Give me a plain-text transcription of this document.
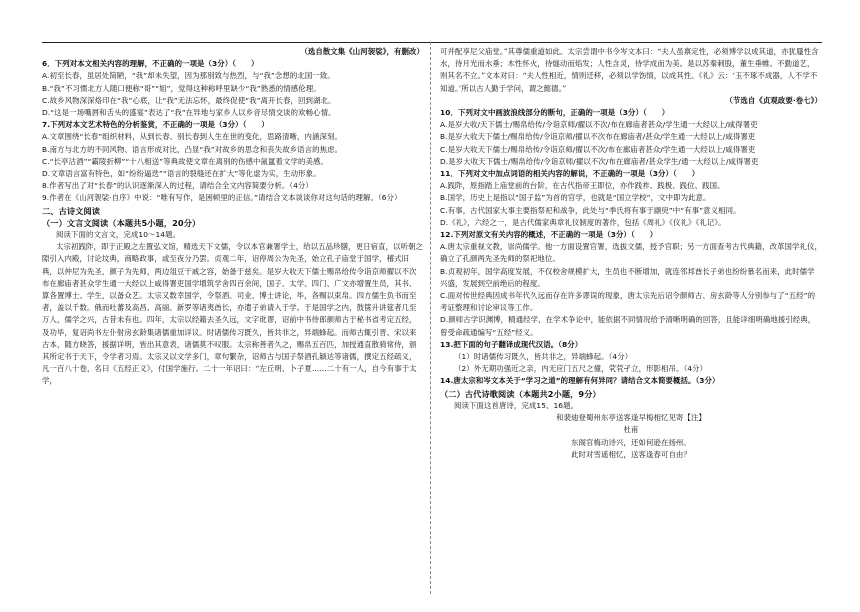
（选自散文集《山河袈裟》，有删改）

6．下列对本文相关内容的理解，不正确的一项是（3分）（　　）

A.初至长春，虽居处简陋，“我”却未失望，因为那别致与热烈，与“我”念想的北国一致。

B.“我”不习惯北方人随口便称“哥”“姐”，觉得这种称呼里缺少“我”熟悉的情感伦理。

C.故乡风物深深烙印在“我”心底，让“我”无法忘怀，最终促使“我”离开长春，回到湖北。

D.“这是一场嘴唇和舌头的盛宴”表达了“我”在异地与家乡人以乡音尽情交谈的欢畅心情。

7.下列对本文艺术特色的分析鉴赏，不正确的一项是（3分）（　　）

A.文章围绕“长春”组织材料，从到长春、别长春到人生在世的变化，思路清晰，内涵深刻。

B.南方与北方的不同风物、语言形成对比，凸显“我”对故乡的思念和丧失故乡语言的焦虑。

C.“长亭沽酒”“霸陵折柳”“十八相送”等典故使文章在离别的伤感中氤氲着文学的美感。

D.文章语言富有特色，如“纷纷逼迭”“语言的裂缝还在扩大”等化虚为实，生动形象。

8.作者写出了对“长春”的认识逐渐深入的过程，请结合全文内容简要分析。（4分）

9.作者在《山河袈裟·自序》中说：“唯有写作，是困顿里的正信。”请结合文本谈谈你对这句话的理解。（6分）

二、古诗文阅读

（一）文言文阅读（本题共5小题，20分）

阅读下面的文言文，完成10～14题。

太宗初践阼，即于正殿之左置弘文馆，精选天下文儒，令以本官兼署学士，给以五品珍膳，更日宿直，以听朝之隙引入内殿，讨论坟典，商略政事，或至夜分乃罢。贞观二年，诏停周公为先圣，始立孔子庙堂于国学，稽式旧典，以仲尼为先圣，颜子为先师，两边俎豆干戚之容，始备于兹矣。是岁大收天下儒士赐帛给传令诣京师擢以不次布在廊庙者甚众学生通一大经以上咸得署吏国学增筑学舍四百余间，国子、太学、四门、广文亦增置生员，其书、算各置博士、学生，以备众艺。太宗又数幸国学，令祭酒、司业、博士讲论，毕，各赐以束帛。四方儒生负书而至者，盖以千数。俄而吐蕃及高昌、高丽、新罗等诸夷酋长，亦遣子弟请入于学。于是国学之内，鼓箧升讲筵者几至万人，儒学之兴，古昔未有也。四年，太宗以经籍去圣久远，文字讹谬，诏前中书侍郎颜师古于秘书省考定五经，及功毕，复诏尚书左仆射房玄龄集诸儒重加详议。时诸儒传习既久，皆共非之，异端蜂起。而师古辄引晋、宋以来古本，随方晓答，援据详明，皆出其意表，诸儒莫不叹服。太宗称善者久之，赐帛五百匹，加授通直散骑常侍，颁其所定书于天下，令学者习焉。太宗又以文学多门，章句繁杂，诏师古与国子祭酒孔颖达等诸儒，撰定五经疏义，凡一百八十卷，名曰《五经正义》，付国学施行。二十一年诏曰：“左丘明、卜子夏……二十有一人，自今有事于太学，

可并配享尼父庙堂。”其尊儒重道如此。太宗尝谓中书令岑文本曰：“夫人虽禀定性，必须博学以成其道，亦犹蜃性含水，待月光而水垂；木性怀火，待燧动而焰发；人性含灵，待学成而为美。是以苏秦刺股，董生垂帷。不勤道艺，则其名不立。”文本对曰：“夫人性相近，情则迁移，必须以学饬情，以成其性。《礼》云：‘玉不琢不成器，人不学不知道。’所以古人勤于学问，谓之懿德。”

（节选自《贞观政要·卷七》）

10．下列对文中画波浪线部分的断句，正确的一项是（3分）（　　）

A.是岁大收/天下儒士/赐帛给传/令诣京师/擢以不次/布在廊庙者甚众/学生通一大经以上/咸得署吏

B.是岁大收天下儒士/赐帛给传/令诣京师/擢以不次布在廊庙者/甚众/学生通一大经以上/咸得署吏

C.是岁大收天下儒士/赐帛给传/令诣京师/擢以不次/布在廊庙者甚众/学生通一大经以上/咸得署吏

D.是岁大收天下儒士/赐帛给传/令诣京师/擢以不次/布在廊庙者/甚众学生/通一大经以上/咸得署吏

11．下列对文中加点词语的相关内容的解说，不正确的一项是（3分）（　　）

A.践阼，原指踏上庙堂前的台阶，在古代指帝王即位，亦作践祚、践极、践位、践国。

B.国学，历史上是指以“国子监”为首的官学，也就是“国立学校”，文中即为此意。

C.有事，古代国家大事主要指祭祀和战争，此处与“季氏将有事于颛臾”中“有事”意义相同。

D.《礼》，六经之一，是古代儒家典章礼仪制度的著作，包括《周礼》《仪礼》《礼记》。

12.下列对原文有关内容的概述，不正确的一项是（3分）（　　）

A.唐太宗重视文教，崇尚儒学。他一方面设置官署，选拔文儒，授予官职；另一方面查考古代典籍，改革国学礼仪，确立了孔颜两先圣先师的祭祀地位。

B.贞观初年，国学高度发展，不仅校舍规模扩大，生员也不断增加，就连邻邦酋长子弟也纷纷慕名而来，此时儒学兴盛，发展到空前绝后的程度。

C.面对传世经典因成书年代久远而存在许多谬误的现象，唐太宗先后诏令颜师古、房玄龄等人分别参与了“五经”的考证整理和讨论审议等工作。

D.颜师古学识渊博，精通经学，在学术争论中，能依据不同情况给予清晰明确的回答，且能详细明确地援引经典，曾受命疏通编写“五经”经义。

13.把下面的句子翻译成现代汉语。（8分）

（1）时诸儒传习既久，皆共非之，异端蜂起。（4分）

（2）外无期功强近之亲，内无应门五尺之僮，茕茕孑立，形影相吊。（4分）

14.唐太宗和岑文本关于“学习之道”的理解有何异同？请结合文本简要概括。（3分）

（二）古代诗歌阅读（本题共2小题，9分）

阅读下面这首唐诗，完成15、16题。

和裴迪登蜀州东亭送客逢早梅相忆见寄【注】

杜甫

东阁官梅动诗兴，还如何逊在扬州。

此时对雪遥相忆，送客逢春可自由？
